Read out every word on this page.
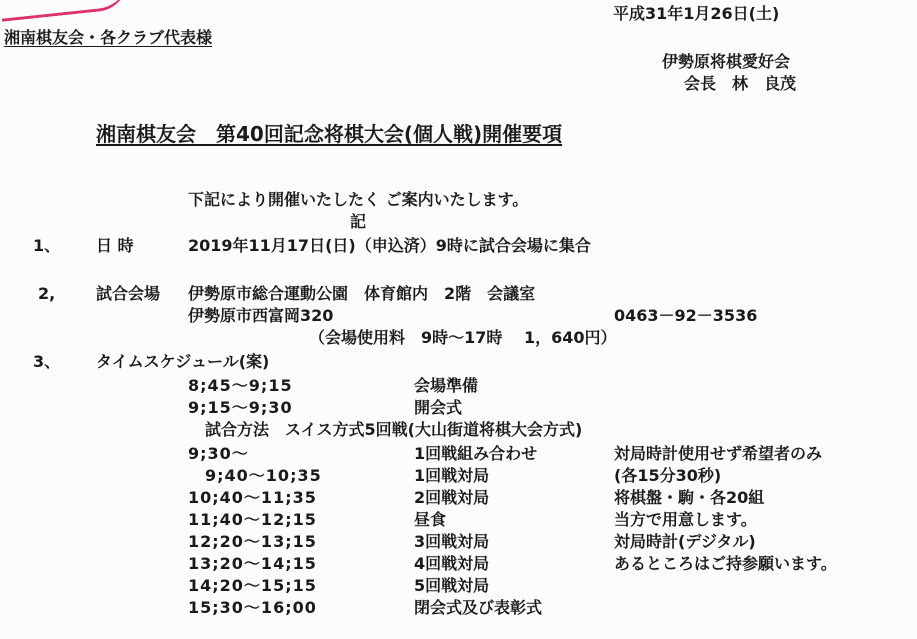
平成31年1月26日(土)
湘南棋友会・各クラブ代表様
伊勢原将棋愛好会
会長　林　良茂
湘南棋友会　第40回記念将棋大会(個人戦)開催要項
下記により開催いたしたく ご案内いたします。
記
1、 日 時	2019年11月17日(日)（申込済）9時に試合会場に集合
2,	試合会場 伊勢原市総合運動公園　体育館内　2階　会議室
伊勢原市西富岡320	0463－92－3536
（会場使用料　9時～17時　 1，640円）
3、 タイムスケジュール(案)
8;45～9;15	会場準備
9;15～9;30	開会式
試合方法　スイス方式5回戦(大山街道将棋大会方式)
9;30～	1回戦組み合わせ	対局時計使用せず希望者のみ
9;40～10;35	1回戦対局	(各15分30秒)
10;40～11;35	2回戦対局	将棋盤・駒・各20組
11;40～12;15	昼食	当方で用意します。
12;20～13;15	3回戦対局	対局時計(デジタル)
13;20～14;15	4回戦対局	あるところはご持参願います。
14;20～15;15	5回戦対局
15;30～16;00	閉会式及び表彰式
